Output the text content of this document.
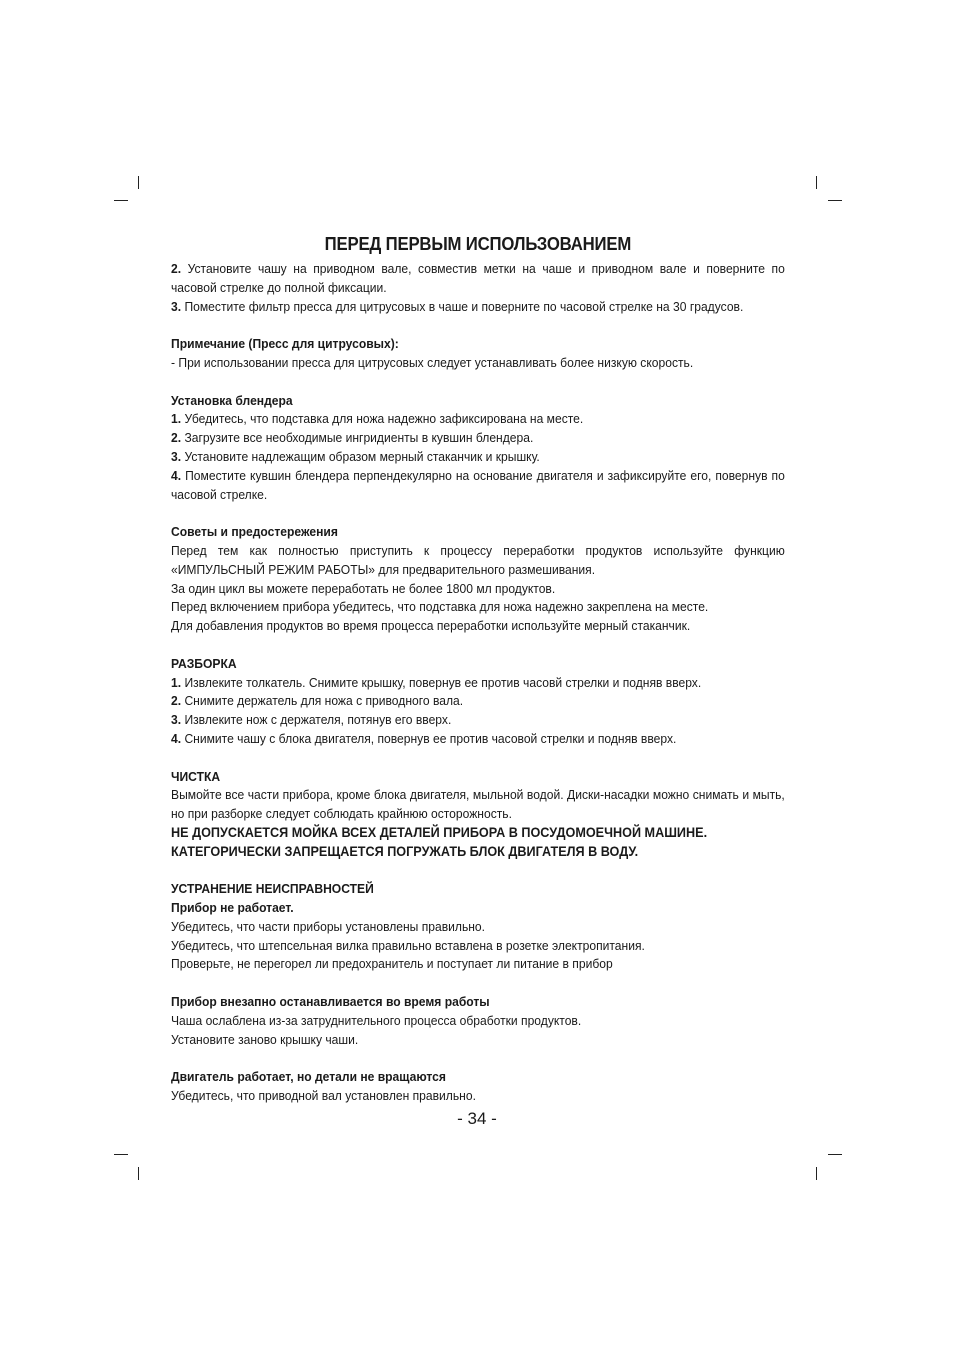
ПЕРЕД ПЕРВЫМ ИСПОЛЬЗОВАНИЕМ

2. Установите чашу на приводном вале, совместив метки на чаше и приводном вале и поверните по часовой стрелке до полной фиксации.

3. Поместите фильтр пресса для цитрусовых в чаше и поверните по часовой стрелке на 30 градусов.

Примечание (Пресс для цитрусовых):

- При использовании пресса для цитрусовых следует устанавливать более низкую скорость.

Установка блендера

1. Убедитесь, что подставка для ножа надежно зафиксирована на месте.

2. Загрузите все необходимые ингридиенты в кувшин блендера.

3. Установите надлежащим образом мерный стаканчик и крышку.

4. Поместите кувшин блендера перпендекулярно на основание двигателя и зафиксируйте его, повернув по часовой стрелке.

Советы и предостережения

Перед тем как полностью приступить к процессу переработки продуктов используйте функцию «ИМПУЛЬСНЫЙ РЕЖИМ РАБОТЫ» для предварительного размешивания.

За один цикл вы можете переработать не более 1800 мл продуктов.

Перед включением прибора убедитесь, что подставка для ножа надежно закреплена на месте.

Для добавления продуктов во время процесса переработки используйте мерный стаканчик.

РАЗБОРКА

1. Извлеките толкатель. Снимите крышку, повернув ее против часовй стрелки и подняв вверх.

2. Снимите держатель для ножа с приводного вала.

3. Извлеките нож с держателя, потянув его вверх.

4. Снимите чашу с блока двигателя, повернув ее против часовой стрелки и подняв вверх.

ЧИСТКА

Вымойте все части прибора, кроме блока двигателя, мыльной водой. Диски-насадки можно снимать и мыть, но при разборке следует соблюдать крайнюю осторожность.

НЕ ДОПУСКАЕТСЯ МОЙКА ВСЕХ ДЕТАЛЕЙ ПРИБОРА В ПОСУДОМОЕЧНОЙ МАШИНЕ.

КАТЕГОРИЧЕСКИ ЗАПРЕЩАЕТСЯ ПОГРУЖАТЬ БЛОК ДВИГАТЕЛЯ В ВОДУ.

УСТРАНЕНИЕ НЕИСПРАВНОСТЕЙ

Прибор не работает.

Убедитесь, что части приборы установлены правильно.

Убедитесь, что штепсельная вилка правильно вставлена в розетке электропитания.

Проверьте, не перегорел ли предохранитель и поступает ли питание в прибор

Прибор внезапно останавливается во время работы

Чаша ослаблена из-за затруднительного процесса обработки продуктов.

Установите заново крышку чаши.

Двигатель работает, но детали не вращаются

Убедитесь, что приводной вал установлен правильно.

- 34 -
